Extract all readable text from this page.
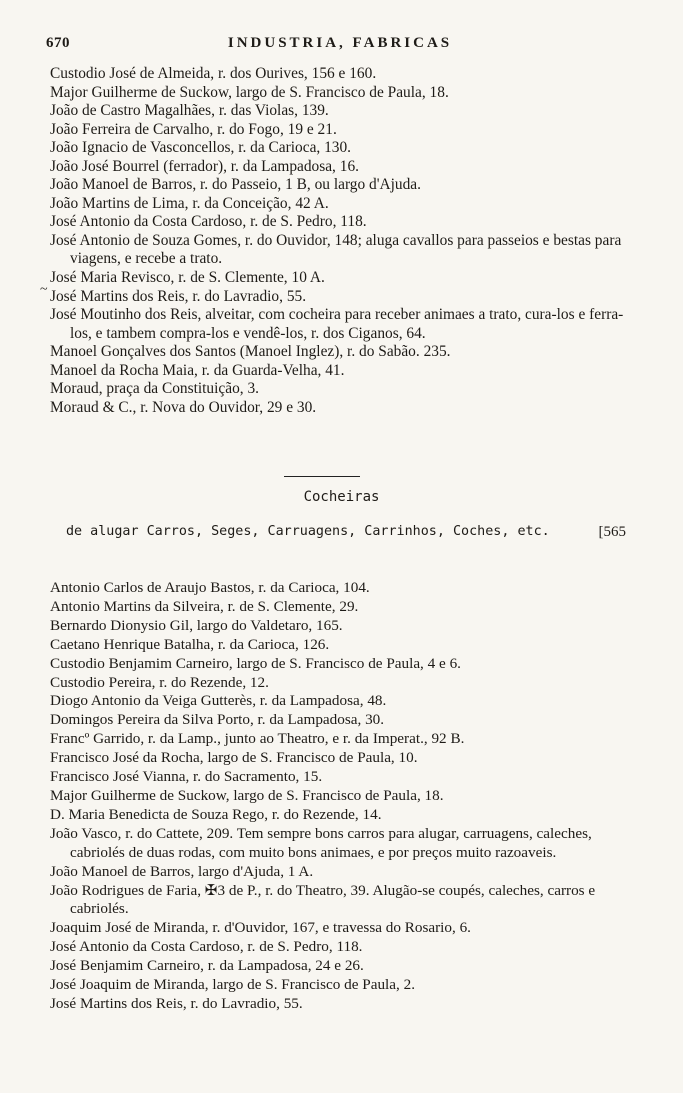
670	INDUSTRIA, FABRICAS
~

Custodio José de Almeida, r. dos Ourives, 156 e 160.

Major Guilherme de Suckow, largo de S. Francisco de Paula, 18.

João de Castro Magalhães, r. das Violas, 139.

João Ferreira de Carvalho, r. do Fogo, 19 e 21.

João Ignacio de Vasconcellos, r. da Carioca, 130.

João José Bourrel (ferrador), r. da Lampadosa, 16.

João Manoel de Barros, r. do Passeio, 1 B, ou largo d'Ajuda.

João Martins de Lima, r. da Conceição, 42 A.

José Antonio da Costa Cardoso, r. de S. Pedro, 118.

José Antonio de Souza Gomes, r. do Ouvidor, 148; aluga cavallos para passeios e bestas para viagens, e recebe a trato.

José Maria Revisco, r. de S. Clemente, 10 A.

José Martins dos Reis, r. do Lavradio, 55.

José Moutinho dos Reis, alveitar, com cocheira para receber animaes a trato, cura-los e ferra-los, e tambem compra-los e vendê-los, r. dos Ciganos, 64.

Manoel Gonçalves dos Santos (Manoel Inglez), r. do Sabão. 235.

Manoel da Rocha Maia, r. da Guarda-Velha, 41.

Moraud, praça da Constituição, 3.

Moraud & C., r. Nova do Ouvidor, 29 e 30.

Cocheiras
de alugar Carros, Seges, Carruagens, Carrinhos, Coches, etc.	[565

Antonio Carlos de Araujo Bastos, r. da Carioca, 104.

Antonio Martins da Silveira, r. de S. Clemente, 29.

Bernardo Dionysio Gil, largo do Valdetaro, 165.

Caetano Henrique Batalha, r. da Carioca, 126.

Custodio Benjamim Carneiro, largo de S. Francisco de Paula, 4 e 6.

Custodio Pereira, r. do Rezende, 12.

Diogo Antonio da Veiga Gutterès, r. da Lampadosa, 48.

Domingos Pereira da Silva Porto, r. da Lampadosa, 30.

Francº Garrido, r. da Lamp., junto ao Theatro, e r. da Imperat., 92 B.

Francisco José da Rocha, largo de S. Francisco de Paula, 10.

Francisco José Vianna, r. do Sacramento, 15.

Major Guilherme de Suckow, largo de S. Francisco de Paula, 18.

D. Maria Benedicta de Souza Rego, r. do Rezende, 14.

João Vasco, r. do Cattete, 209. Tem sempre bons carros para alugar, carruagens, caleches, cabriolés de duas rodas, com muito bons animaes, e por preços muito razoaveis.

João Manoel de Barros, largo d'Ajuda, 1 A.

João Rodrigues de Faria, ✠3 de P., r. do Theatro, 39. Alugão-se coupés, caleches, carros e cabriolés.

Joaquim José de Miranda, r. d'Ouvidor, 167, e travessa do Rosario, 6.

José Antonio da Costa Cardoso, r. de S. Pedro, 118.

José Benjamim Carneiro, r. da Lampadosa, 24 e 26.

José Joaquim de Miranda, largo de S. Francisco de Paula, 2.

José Martins dos Reis, r. do Lavradio, 55.
